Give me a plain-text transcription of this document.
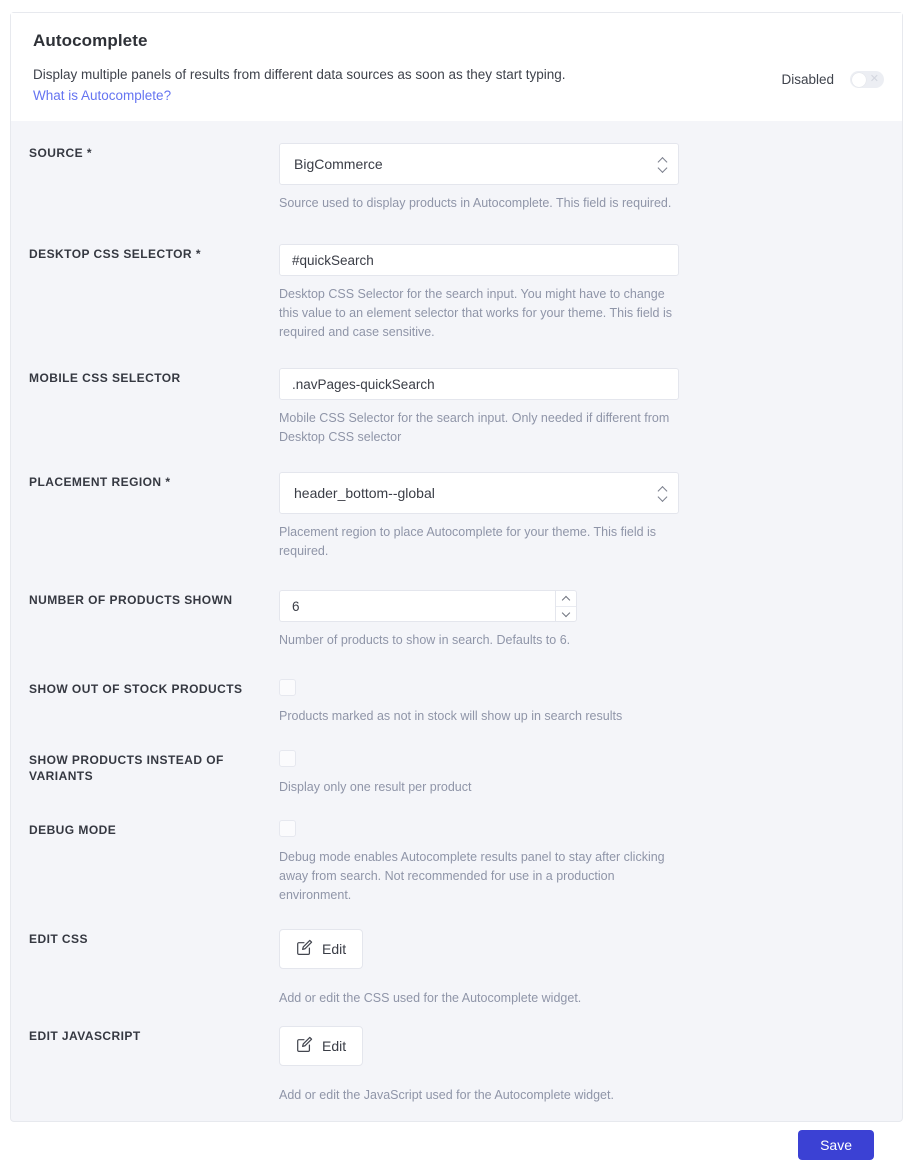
Autocomplete
Display multiple panels of results from different data sources as soon as they start typing.
What is Autocomplete?
Disabled	✕
SOURCE *
BigCommerce

Source used to display products in Autocomplete. This field is required.

DESKTOP CSS SELECTOR *
#quickSearch

Desktop CSS Selector for the search input. You might have to change this value to an element selector that works for your theme. This field is required and case sensitive.

MOBILE CSS SELECTOR
.navPages-quickSearch

Mobile CSS Selector for the search input. Only needed if different from Desktop CSS selector

PLACEMENT REGION *
header_bottom--global

Placement region to place Autocomplete for your theme. This field is required.

NUMBER OF PRODUCTS SHOWN
6

Number of products to show in search. Defaults to 6.

SHOW OUT OF STOCK PRODUCTS

Products marked as not in stock will show up in search results

SHOW PRODUCTS INSTEAD OF VARIANTS

Display only one result per product

DEBUG MODE

Debug mode enables Autocomplete results panel to stay after clicking away from search. Not recommended for use in a production environment.

EDIT CSS
Edit

Add or edit the CSS used for the Autocomplete widget.

EDIT JAVASCRIPT
Edit

Add or edit the JavaScript used for the Autocomplete widget.

Save
